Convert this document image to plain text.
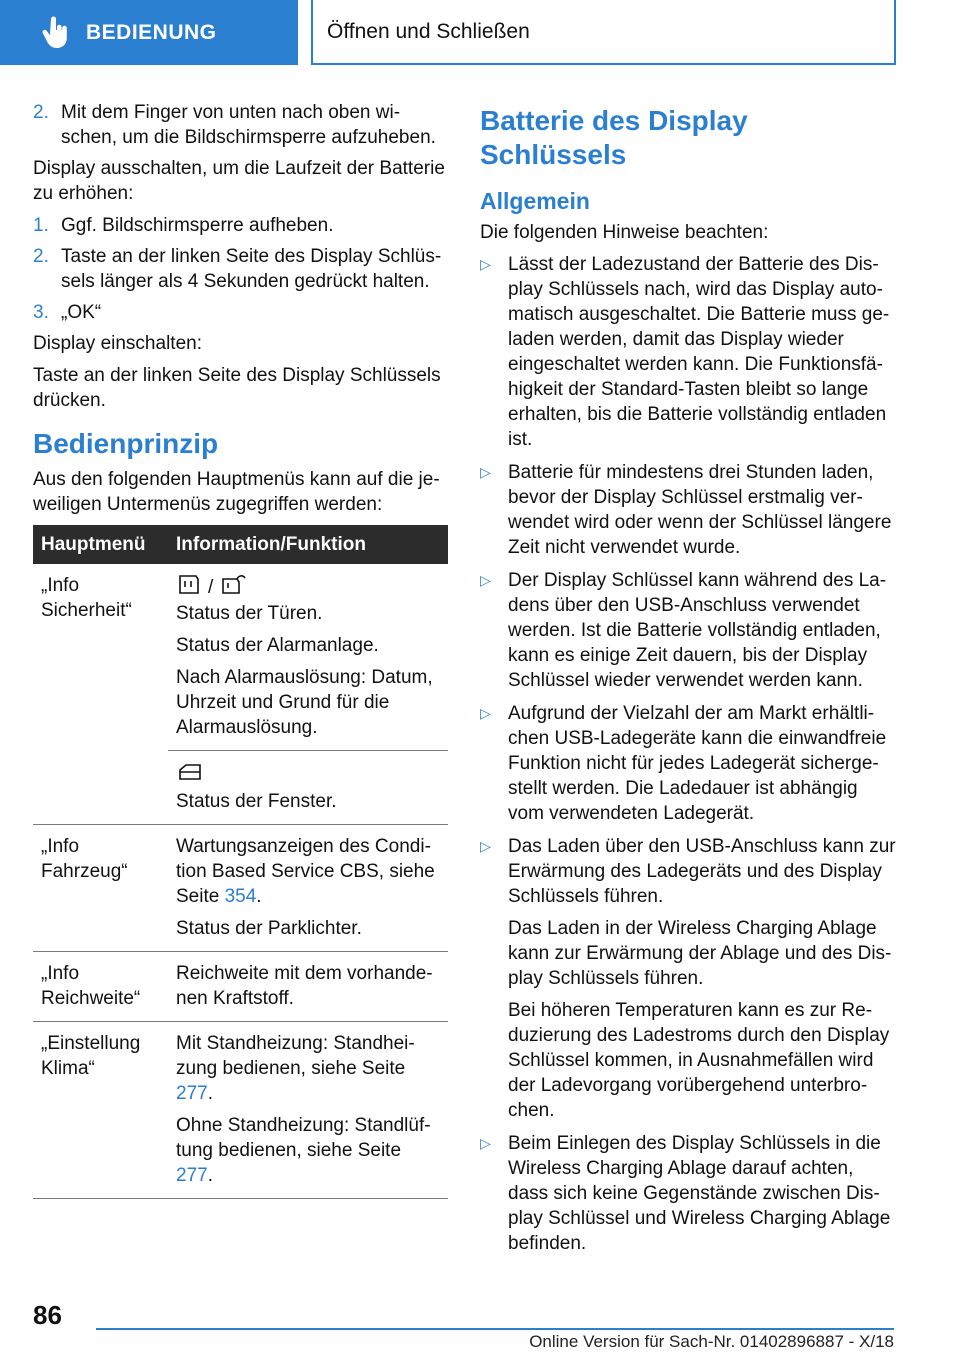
BEDIENUNG	Öffnen und Schließen
2. Mit dem Finger von unten nach oben wischen, um die Bildschirmsperre aufzuheben.

Display ausschalten, um die Laufzeit der Batterie zu erhöhen:

1. Ggf. Bildschirmsperre aufheben.
2. Taste an der linken Seite des Display Schlüssels länger als 4 Sekunden gedrückt halten.
3. „OK“

Display einschalten:

Taste an der linken Seite des Display Schlüssels drücken.

Bedienprinzip

Aus den folgenden Hauptmenüs kann auf die jeweiligen Untermenüs zugegriffen werden:

Hauptmenü	Information/Funktion
„Info Sicherheit“
/

Status der Türen.

Status der Alarmanlage.

Nach Alarmauslösung: Datum, Uhrzeit und Grund für die Alarmauslösung.

Status der Fenster.

„Info Fahrzeug“

Wartungsanzeigen des Condition Based Service CBS, siehe Seite 354.

Status der Parklichter.

„Info Reichweite“

Reichweite mit dem vorhandenen Kraftstoff.

„Einstellung Klima“

Mit Standheizung: Standheizung bedienen, siehe Seite 277.

Ohne Standheizung: Standlüftung bedienen, siehe Seite 277.

Batterie des Display Schlüssels
Allgemein

Die folgenden Hinweise beachten:

▷ Lässt der Ladezustand der Batterie des Display Schlüssels nach, wird das Display automatisch ausgeschaltet. Die Batterie muss geladen werden, damit das Display wieder eingeschaltet werden kann. Die Funktionsfähigkeit der Standard-Tasten bleibt so lange erhalten, bis die Batterie vollständig entladen ist.

▷ Batterie für mindestens drei Stunden laden, bevor der Display Schlüssel erstmalig verwendet wird oder wenn der Schlüssel längere Zeit nicht verwendet wurde.

▷ Der Display Schlüssel kann während des Ladens über den USB-Anschluss verwendet werden. Ist die Batterie vollständig entladen, kann es einige Zeit dauern, bis der Display Schlüssel wieder verwendet werden kann.

▷ Aufgrund der Vielzahl der am Markt erhältlichen USB-Ladegeräte kann die einwandfreie Funktion nicht für jedes Ladegerät sichergestellt werden. Die Ladedauer ist abhängig vom verwendeten Ladegerät.

▷ Das Laden über den USB-Anschluss kann zur Erwärmung des Ladegeräts und des Display Schlüssels führen.

Das Laden in der Wireless Charging Ablage kann zur Erwärmung der Ablage und des Display Schlüssels führen.

Bei höheren Temperaturen kann es zur Reduzierung des Ladestroms durch den Display Schlüssel kommen, in Ausnahmefällen wird der Ladevorgang vorübergehend unterbrochen.

▷ Beim Einlegen des Display Schlüssels in die Wireless Charging Ablage darauf achten, dass sich keine Gegenstände zwischen Display Schlüssel und Wireless Charging Ablage befinden.

86
Online Version für Sach-Nr. 01402896887 - X/18
